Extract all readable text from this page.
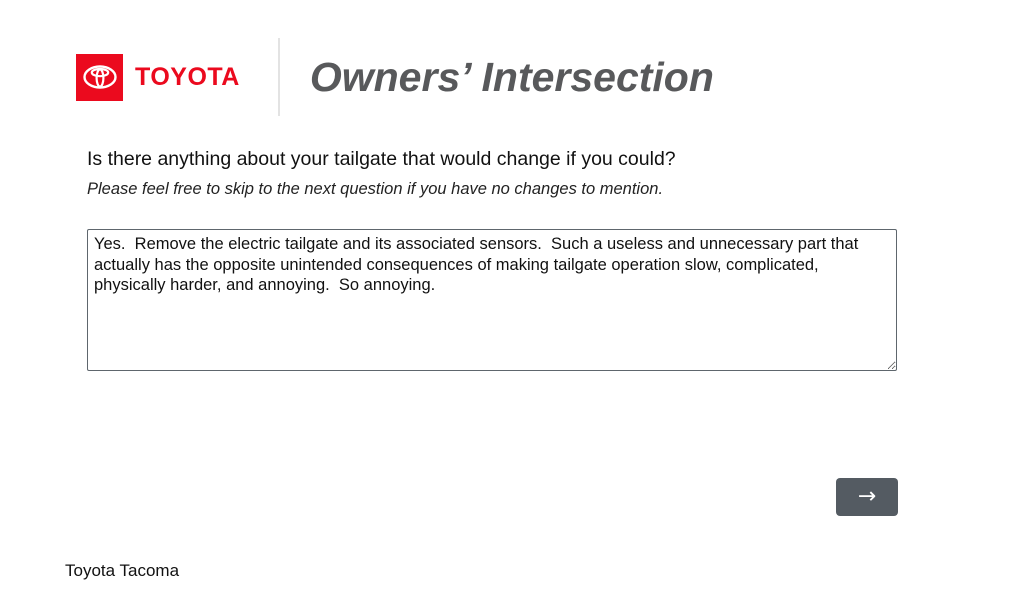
TOYOTA Owners’ Intersection
Is there anything about your tailgate that would change if you could?
Please feel free to skip to the next question if you have no changes to mention.
Yes. Remove the electric tailgate and its associated sensors. Such a useless and unnecessary part that actually has the opposite unintended consequences of making tailgate operation slow, complicated, physically harder, and annoying. So annoying.
→
Toyota Tacoma
